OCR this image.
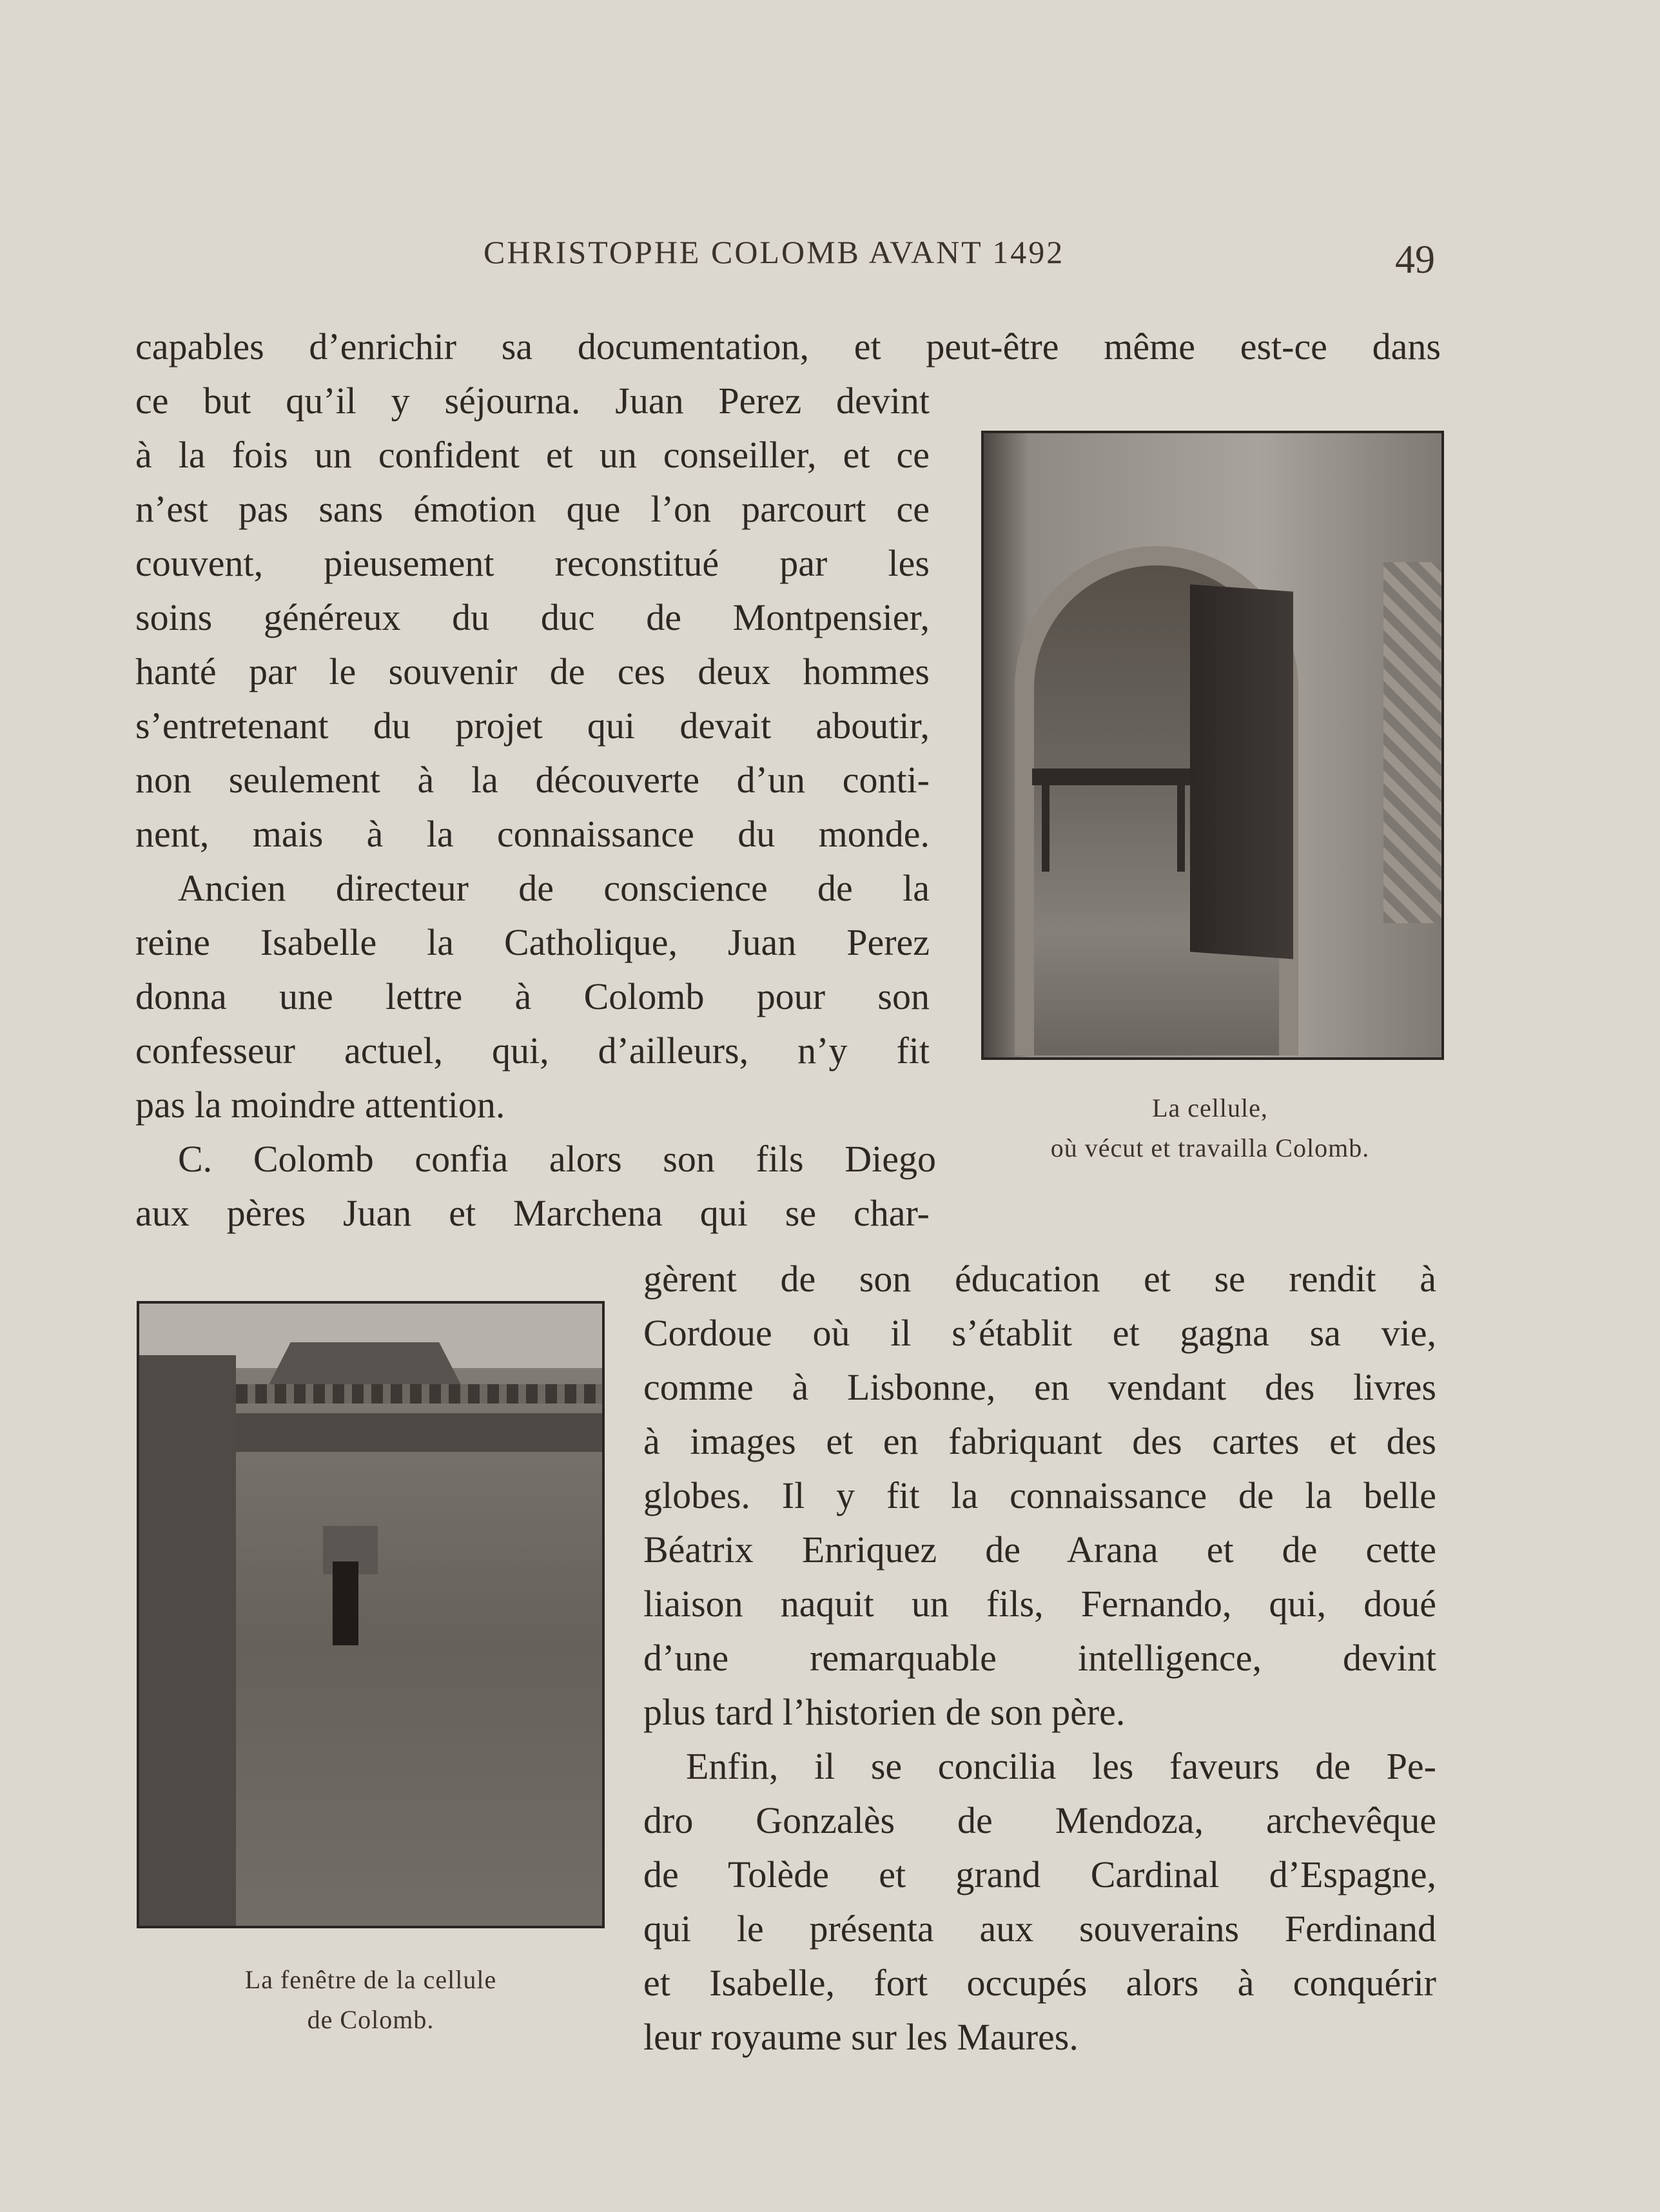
CHRISTOPHE COLOMB AVANT 1492	49
capables d’enrichir sa documentation, et peut-être même est-ce dans
ce but qu’il y séjourna. Juan Perez devint
à la fois un confident et un conseiller, et ce
n’est pas sans émotion que l’on parcourt ce
couvent, pieusement reconstitué par les
soins généreux du duc de Montpensier,
hanté par le souvenir de ces deux hommes
s’entretenant du projet qui devait aboutir,
non seulement à la découverte d’un conti-
nent, mais à la connaissance du monde.
Ancien directeur de conscience de la
reine Isabelle la Catholique, Juan Perez
donna une lettre à Colomb pour son
confesseur actuel, qui, d’ailleurs, n’y fit
pas la moindre attention.
C. Colomb confia alors son fils Diego
aux pères Juan et Marchena qui se char-
gèrent de son éducation et se rendit à
Cordoue où il s’établit et gagna sa vie,
comme à Lisbonne, en vendant des livres
à images et en fabriquant des cartes et des
globes. Il y fit la connaissance de la belle
Béatrix Enriquez de Arana et de cette
liaison naquit un fils, Fernando, qui, doué
d’une remarquable intelligence, devint
plus tard l’historien de son père.
Enfin, il se concilia les faveurs de Pe-
dro Gonzalès de Mendoza, archevêque
de Tolède et grand Cardinal d’Espagne,
qui le présenta aux souverains Ferdinand
et Isabelle, fort occupés alors à conquérir
leur royaume sur les Maures.
La cellule,
où vécut et travailla Colomb.
La fenêtre de la cellule
de Colomb.
